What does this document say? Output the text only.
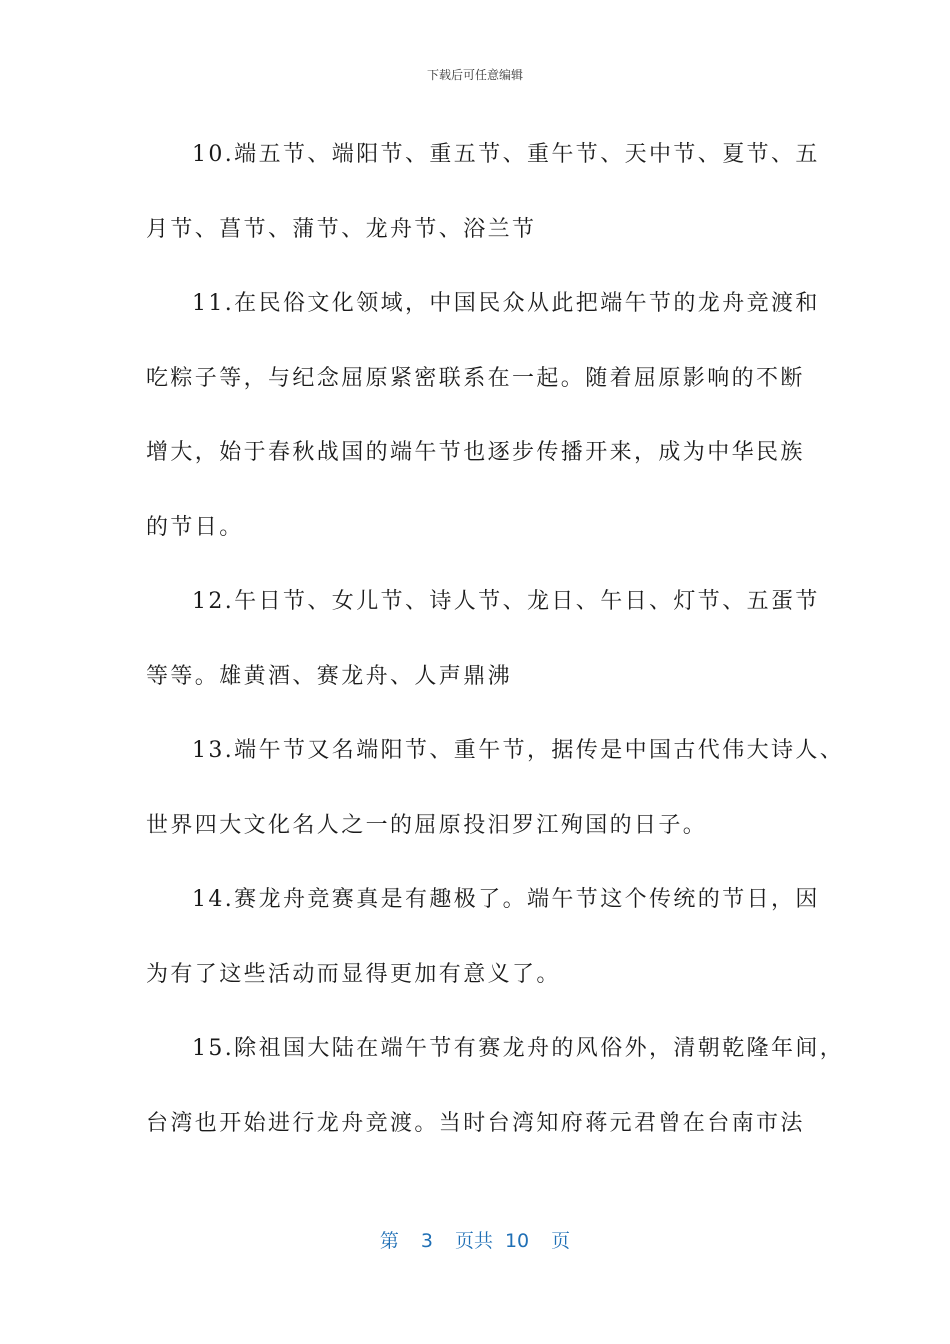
下载后可任意编辑

10.端五节、端阳节、重五节、重午节、天中节、夏节、五
月节、菖节、蒲节、龙舟节、浴兰节

11.在民俗文化领域，中国民众从此把端午节的龙舟竞渡和
吃粽子等，与纪念屈原紧密联系在一起。随着屈原影响的不断
增大，始于春秋战国的端午节也逐步传播开来，成为中华民族
的节日。

12.午日节、女儿节、诗人节、龙日、午日、灯节、五蛋节
等等。雄黄酒、赛龙舟、人声鼎沸

13.端午节又名端阳节、重午节，据传是中国古代伟大诗人、
世界四大文化名人之一的屈原投汨罗江殉国的日子。

14.赛龙舟竞赛真是有趣极了。端午节这个传统的节日，因
为有了这些活动而显得更加有意义了。

15.除祖国大陆在端午节有赛龙舟的风俗外，清朝乾隆年间，
台湾也开始进行龙舟竞渡。当时台湾知府蒋元君曾在台南市法

第 3 页共 10 页
